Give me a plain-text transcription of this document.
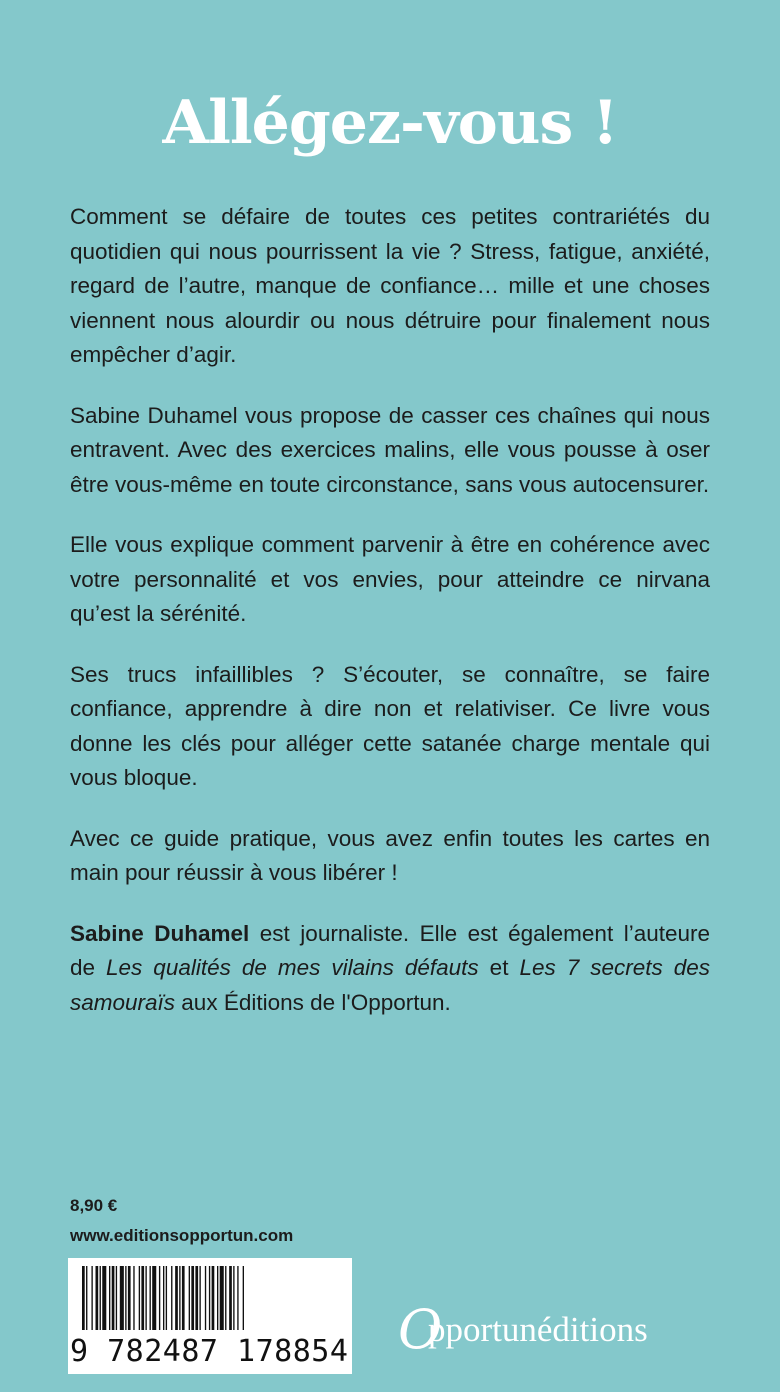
Allégez-vous !

Comment se défaire de toutes ces petites contrariétés du quotidien qui nous pourrissent la vie ? Stress, fatigue, anxiété, regard de l’autre, manque de confiance… mille et une choses viennent nous alourdir ou nous détruire pour finalement nous empêcher d’agir.

Sabine Duhamel vous propose de casser ces chaînes qui nous entravent. Avec des exercices malins, elle vous pousse à oser être vous-même en toute circonstance, sans vous autocensurer.

Elle vous explique comment parvenir à être en cohérence avec votre personnalité et vos envies, pour atteindre ce nirvana qu’est la sérénité.

Ses trucs infaillibles ? S’écouter, se connaître, se faire confiance, apprendre à dire non et relativiser. Ce livre vous donne les clés pour alléger cette satanée charge mentale qui vous bloque.

Avec ce guide pratique, vous avez enfin toutes les cartes en main pour réussir à vous libérer !

Sabine Duhamel est journaliste. Elle est également l’auteure de Les qualités de mes vilains défauts et Les 7 secrets des samouraïs aux Éditions de l'Opportun.

8,90 €
www.editionsopportun.com
9 782487 178854 O
pportunéditions
